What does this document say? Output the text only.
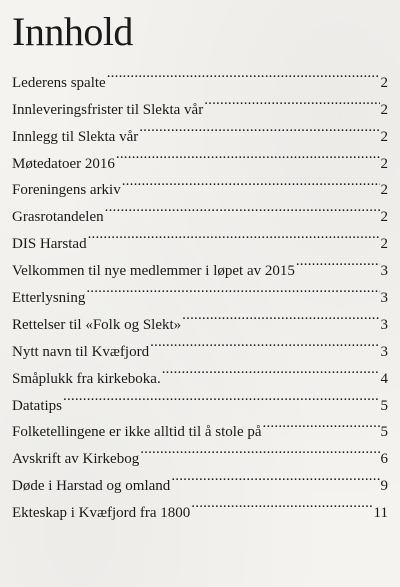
Innhold
Lederens spalte .....	2
Innleveringsfrister til Slekta vår .....	2
Innlegg til Slekta vår .....	2
Møtedatoer 2016 .....	2
Foreningens arkiv .....	2
Grasrotandelen .....	2
DIS Harstad .....	2
Velkommen til nye medlemmer i løpet av 2015 .....	3
Etterlysning .....	3
Rettelser til «Folk og Slekt» .....	3
Nytt navn til Kvæfjord .....	3
Småplukk fra kirkeboka. .....	4
Datatips .....	5
Folketellingene er ikke alltid til å stole på .....	5
Avskrift av Kirkebog .....	6
Døde i Harstad og omland .....	9
Ekteskap i Kvæfjord fra 1800 .....	11
